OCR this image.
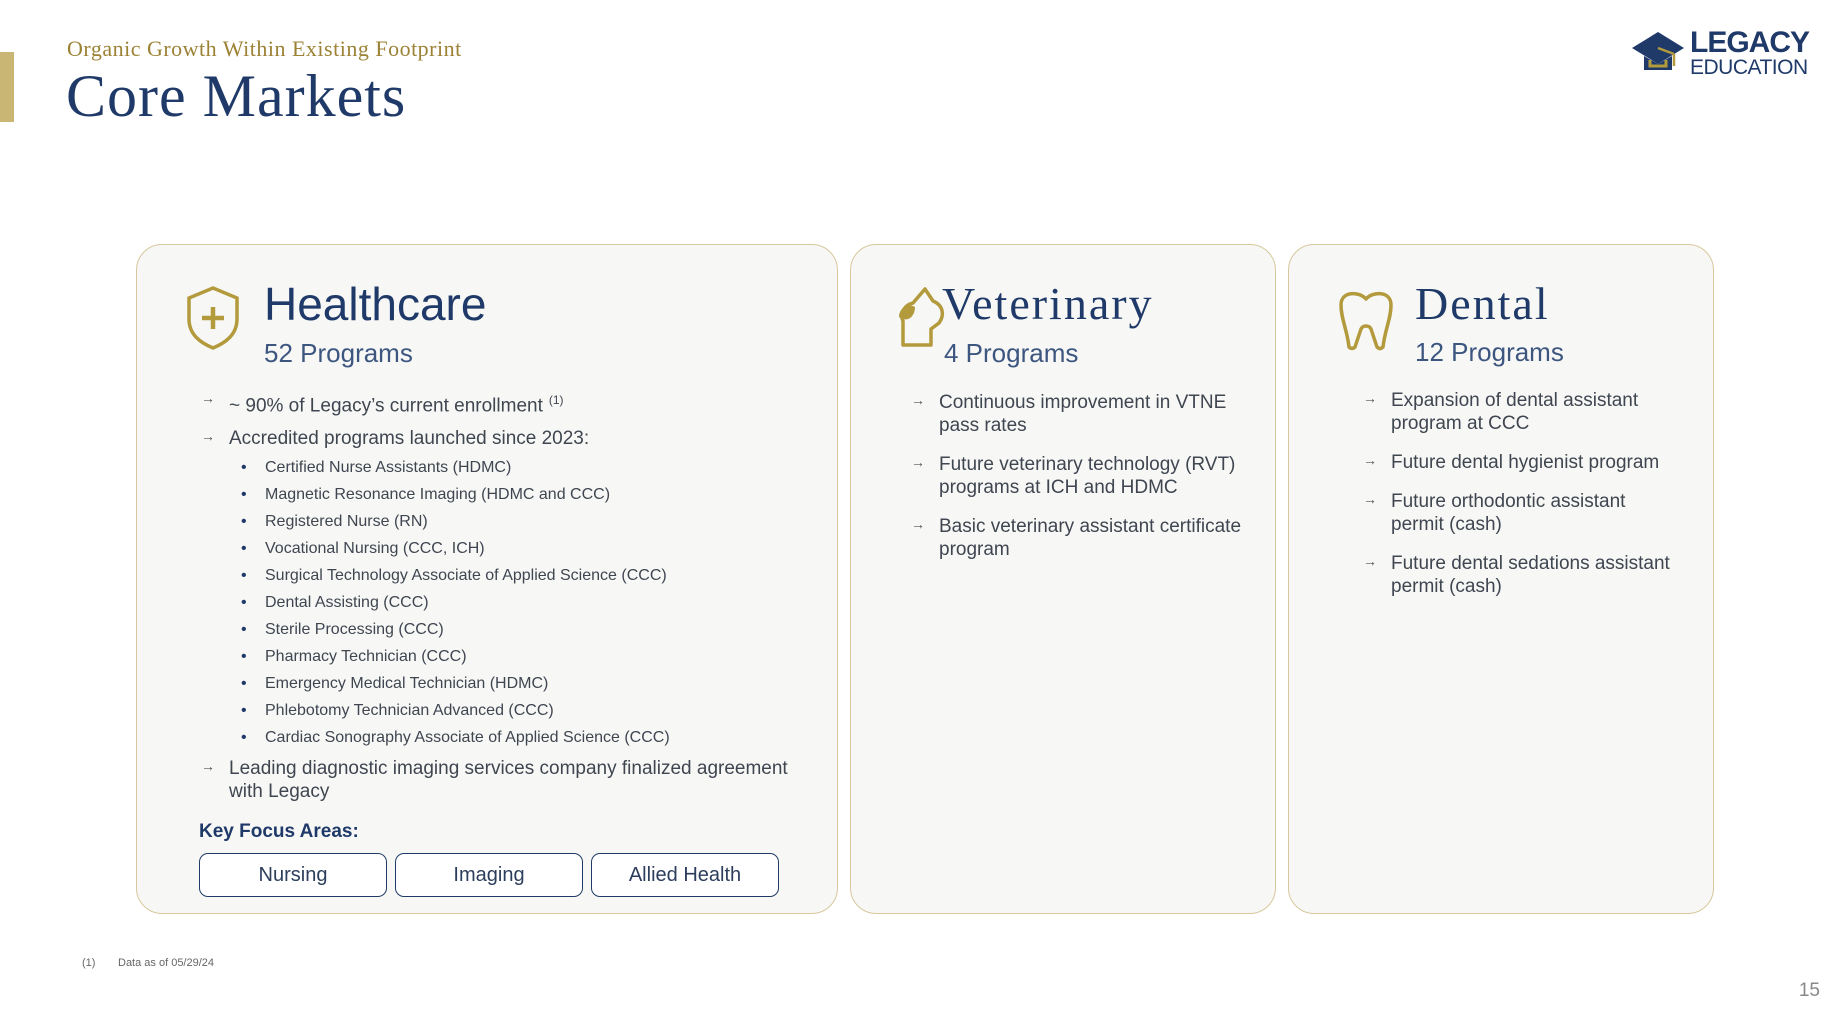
Organic Growth Within Existing Footprint
Core Markets
LEGACY
EDUCATION
Healthcare
52 Programs
→ ~ 90% of Legacy’s current enrollment $^{(1)}$
→ Accredited programs launched since 2023:
• Certified Nurse Assistants (HDMC)
• Magnetic Resonance Imaging (HDMC and CCC)
• Registered Nurse (RN)
• Vocational Nursing (CCC, ICH)
• Surgical Technology Associate of Applied Science (CCC)
• Dental Assisting (CCC)
• Sterile Processing (CCC)
• Pharmacy Technician (CCC)
• Emergency Medical Technician (HDMC)
• Phlebotomy Technician Advanced (CCC)
• Cardiac Sonography Associate of Applied Science (CCC)
→ Leading diagnostic imaging services company finalized agreement with Legacy
Key Focus Areas:
Nursing	Imaging	Allied Health
Veterinary
4 Programs
→ Continuous improvement in VTNE pass rates
→ Future veterinary technology (RVT) programs at ICH and HDMC
→ Basic veterinary assistant certificate program
Dental
12 Programs
→ Expansion of dental assistant program at CCC
→ Future dental hygienist program
→ Future orthodontic assistant permit (cash)
→ Future dental sedations assistant permit (cash)
(1) Data as of 05/29/24
15
